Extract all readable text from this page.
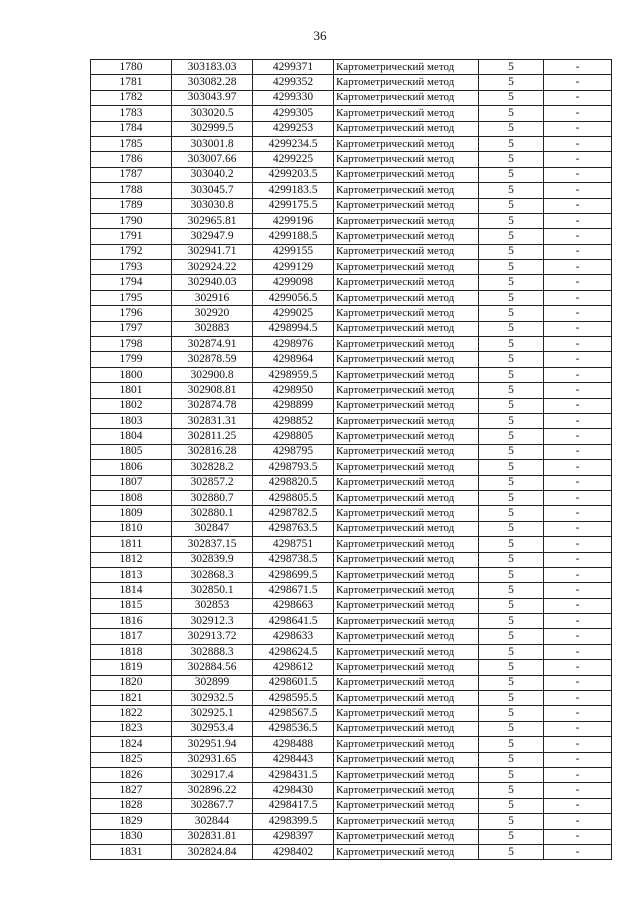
36
1780	303183.03	4299371	Картометрический метод	5	-
1781	303082.28	4299352	Картометрический метод	5	-
1782	303043.97	4299330	Картометрический метод	5	-
1783	303020.5	4299305	Картометрический метод	5	-
1784	302999.5	4299253	Картометрический метод	5	-
1785	303001.8	4299234.5	Картометрический метод	5	-
1786	303007.66	4299225	Картометрический метод	5	-
1787	303040.2	4299203.5	Картометрический метод	5	-
1788	303045.7	4299183.5	Картометрический метод	5	-
1789	303030.8	4299175.5	Картометрический метод	5	-
1790	302965.81	4299196	Картометрический метод	5	-
1791	302947.9	4299188.5	Картометрический метод	5	-
1792	302941.71	4299155	Картометрический метод	5	-
1793	302924.22	4299129	Картометрический метод	5	-
1794	302940.03	4299098	Картометрический метод	5	-
1795	302916	4299056.5	Картометрический метод	5	-
1796	302920	4299025	Картометрический метод	5	-
1797	302883	4298994.5	Картометрический метод	5	-
1798	302874.91	4298976	Картометрический метод	5	-
1799	302878.59	4298964	Картометрический метод	5	-
1800	302900.8	4298959.5	Картометрический метод	5	-
1801	302908.81	4298950	Картометрический метод	5	-
1802	302874.78	4298899	Картометрический метод	5	-
1803	302831.31	4298852	Картометрический метод	5	-
1804	302811.25	4298805	Картометрический метод	5	-
1805	302816.28	4298795	Картометрический метод	5	-
1806	302828.2	4298793.5	Картометрический метод	5	-
1807	302857.2	4298820.5	Картометрический метод	5	-
1808	302880.7	4298805.5	Картометрический метод	5	-
1809	302880.1	4298782.5	Картометрический метод	5	-
1810	302847	4298763.5	Картометрический метод	5	-
1811	302837.15	4298751	Картометрический метод	5	-
1812	302839.9	4298738.5	Картометрический метод	5	-
1813	302868.3	4298699.5	Картометрический метод	5	-
1814	302850.1	4298671.5	Картометрический метод	5	-
1815	302853	4298663	Картометрический метод	5	-
1816	302912.3	4298641.5	Картометрический метод	5	-
1817	302913.72	4298633	Картометрический метод	5	-
1818	302888.3	4298624.5	Картометрический метод	5	-
1819	302884.56	4298612	Картометрический метод	5	-
1820	302899	4298601.5	Картометрический метод	5	-
1821	302932.5	4298595.5	Картометрический метод	5	-
1822	302925.1	4298567.5	Картометрический метод	5	-
1823	302953.4	4298536.5	Картометрический метод	5	-
1824	302951.94	4298488	Картометрический метод	5	-
1825	302931.65	4298443	Картометрический метод	5	-
1826	302917.4	4298431.5	Картометрический метод	5	-
1827	302896.22	4298430	Картометрический метод	5	-
1828	302867.7	4298417.5	Картометрический метод	5	-
1829	302844	4298399.5	Картометрический метод	5	-
1830	302831.81	4298397	Картометрический метод	5	-
1831	302824.84	4298402	Картометрический метод	5	-
